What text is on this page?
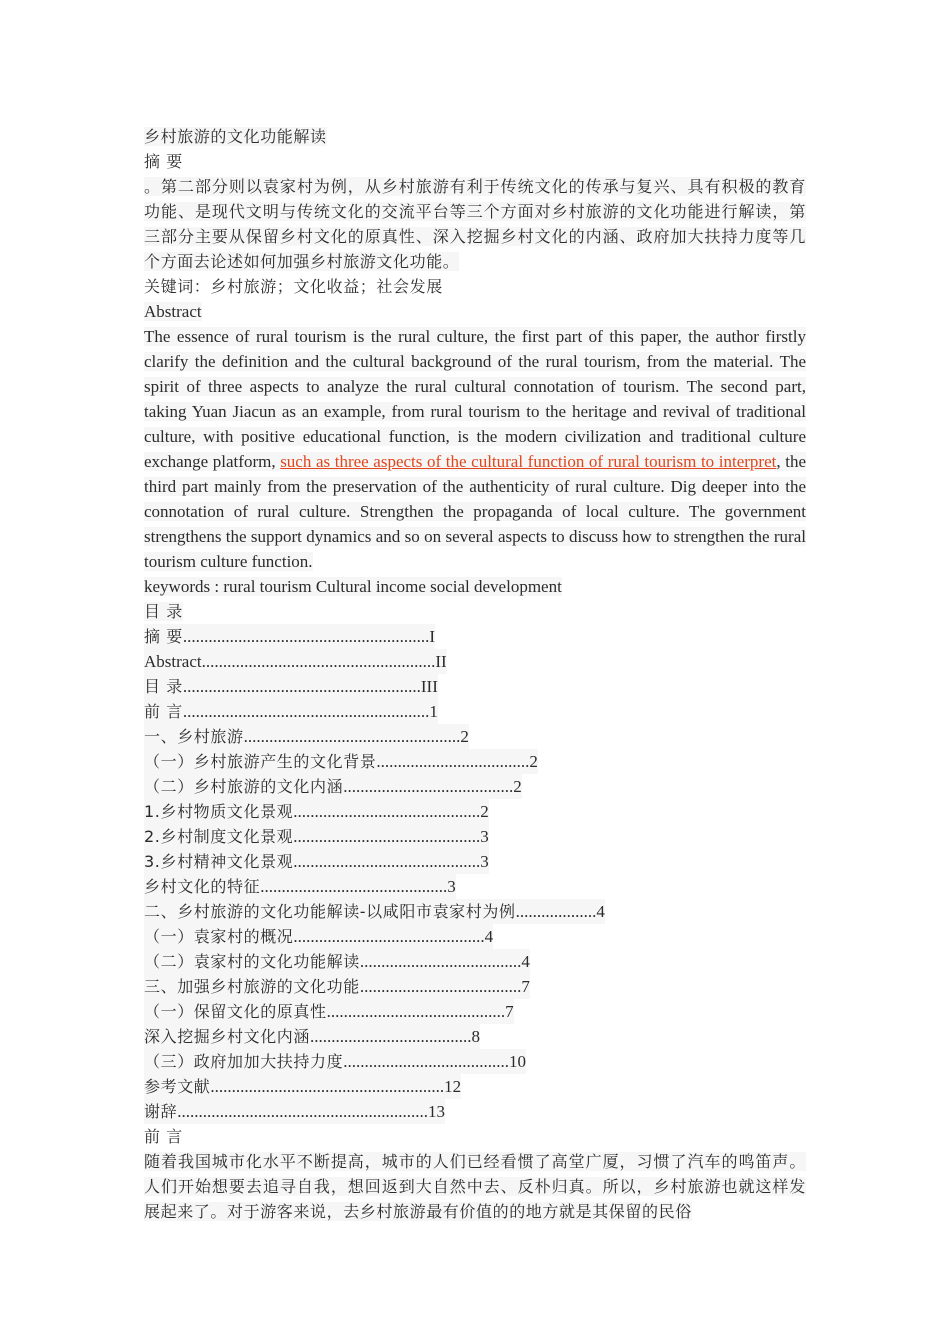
乡村旅游的文化功能解读
摘 要
。第二部分则以袁家村为例，从乡村旅游有利于传统文化的传承与复兴、具有积极的教育功能、是现代文明与传统文化的交流平台等三个方面对乡村旅游的文化功能进行解读，第三部分主要从保留乡村文化的原真性、深入挖掘乡村文化的内涵、政府加大扶持力度等几个方面去论述如何加强乡村旅游文化功能。
关键词：乡村旅游；文化收益；社会发展
Abstract
The essence of rural tourism is the rural culture, the first part of this paper, the author firstly clarify the definition and the cultural background of the rural tourism, from the material. The spirit of three aspects to analyze the rural cultural connotation of tourism. The second part, taking Yuan Jiacun as an example, from rural tourism to the heritage and revival of traditional culture, with positive educational function, is the modern civilization and traditional culture exchange platform, such as three aspects of the cultural function of rural tourism to interpret, the third part mainly from the preservation of the authenticity of rural culture. Dig deeper into the connotation of rural culture. Strengthen the propaganda of local culture. The government strengthens the support dynamics and so on several aspects to discuss how to strengthen the rural tourism culture function.
keywords : rural tourism Cultural income social development
目 录
摘 要..........................................................I
Abstract.......................................................II
目 录........................................................III
前 言..........................................................1
一、乡村旅游...................................................2
（一）乡村旅游产生的文化背景....................................2
（二）乡村旅游的文化内涵........................................2
1.乡村物质文化景观............................................2
2.乡村制度文化景观............................................3
3.乡村精神文化景观............................................3
乡村文化的特征............................................3
二、乡村旅游的文化功能解读-以咸阳市袁家村为例...................4
（一）袁家村的概况.............................................4
（二）袁家村的文化功能解读......................................4
三、加强乡村旅游的文化功能......................................7
（一）保留文化的原真性..........................................7
深入挖掘乡村文化内涵......................................8
（三）政府加加大扶持力度.......................................10
参考文献.......................................................12
谢辞...........................................................13
前 言
随着我国城市化水平不断提高，城市的人们已经看惯了高堂广厦，习惯了汽车的鸣笛声。人们开始想要去追寻自我，想回返到大自然中去、反朴归真。所以，乡村旅游也就这样发展起来了。对于游客来说，去乡村旅游最有价值的的地方就是其保留的民俗
